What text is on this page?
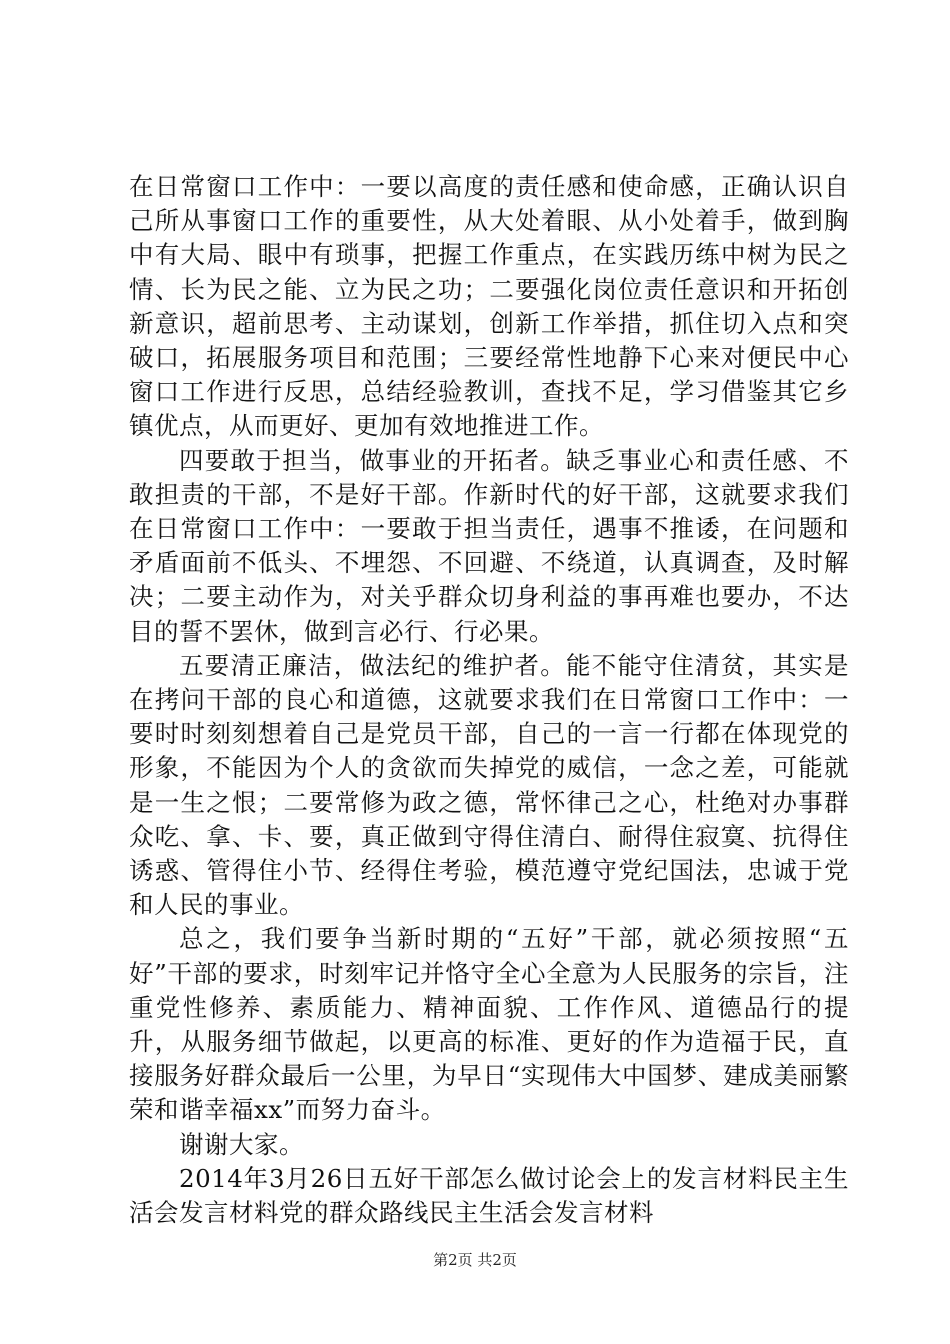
在日常窗口工作中：一要以高度的责任感和使命感，正确认识自己所从事窗口工作的重要性，从大处着眼、从小处着手，做到胸中有大局、眼中有琐事，把握工作重点，在实践历练中树为民之情、长为民之能、立为民之功；二要强化岗位责任意识和开拓创新意识，超前思考、主动谋划，创新工作举措，抓住切入点和突破口，拓展服务项目和范围；三要经常性地静下心来对便民中心窗口工作进行反思，总结经验教训，查找不足，学习借鉴其它乡镇优点，从而更好、更加有效地推进工作。

四要敢于担当，做事业的开拓者。缺乏事业心和责任感、不敢担责的干部，不是好干部。作新时代的好干部，这就要求我们在日常窗口工作中：一要敢于担当责任，遇事不推诿，在问题和矛盾面前不低头、不埋怨、不回避、不绕道，认真调查，及时解决；二要主动作为，对关乎群众切身利益的事再难也要办，不达目的誓不罢休，做到言必行、行必果。

五要清正廉洁，做法纪的维护者。能不能守住清贫，其实是在拷问干部的良心和道德，这就要求我们在日常窗口工作中：一要时时刻刻想着自己是党员干部，自己的一言一行都在体现党的形象，不能因为个人的贪欲而失掉党的威信，一念之差，可能就是一生之恨；二要常修为政之德，常怀律己之心，杜绝对办事群众吃、拿、卡、要，真正做到守得住清白、耐得住寂寞、抗得住诱惑、管得住小节、经得住考验，模范遵守党纪国法，忠诚于党和人民的事业。

总之，我们要争当新时期的“五好”干部，就必须按照“五好”干部的要求，时刻牢记并恪守全心全意为人民服务的宗旨，注重党性修养、素质能力、精神面貌、工作作风、道德品行的提升，从服务细节做起，以更高的标准、更好的作为造福于民，直接服务好群众最后一公里，为早日“实现伟大中国梦、建成美丽繁荣和谐幸福xx”而努力奋斗。

谢谢大家。

2014年3月26日五好干部怎么做讨论会上的发言材料民主生活会发言材料党的群众路线民主生活会发言材料

第2页 共2页
